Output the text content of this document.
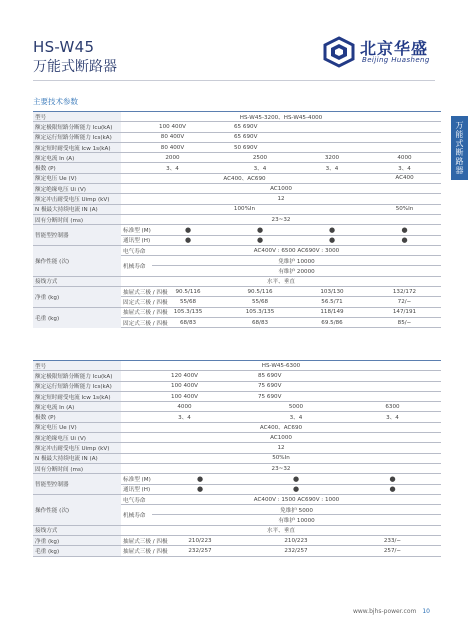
HS-W45
万能式断路器
北京华盛
Beijing Huasheng
主要技术参数
万能式断路器
型号	HS-W45-3200、HS-W45-4000				
额定极限短路分断能力 Icu(kA)	100 400V		65 690V		
额定运行短路分断能力 Ics(kA)	80 400V		65 690V		
额定短时耐受电流 Icw 1s(kA)	80 400V		50 690V		
额定电流 In (A)	2000		2500	3200	4000
极数 (P)	3、4		3、4	3、4	3、4
额定电压 Ue (V)	AC400、AC690				AC400
额定绝缘电压 Ui (V)	AC1000				
额定冲击耐受电压 Uimp (kV)	12				
N 极最大持续电流 IN (A)	100%In				50%In
固有分断时间 (ms)	23~32				
智能型控制器	标准型 (M)	●	●	●	●
	通讯型 (H)	●	●	●	●
操作性能 (次)	电气寿命	AC400V : 6500 AC690V : 3000			
	机械寿命	免维护 10000			
		有维护 20000			
接线方式	水平、垂直				
净重 (kg)	抽屉式三极 / 四极	90.5/116	90.5/116	103/130	132/172
	固定式三极 / 四极	55/68	55/68	56.5/71	72/−
毛重 (kg)	抽屉式三极 / 四极	105.3/135	105.3/135	118/149	147/191
	固定式三极 / 四极	68/83	68/83	69.5/86	85/−
型号	HS-W45-6300			
额定极限短路分断能力 Icu(kA)	120 400V		85 690V	
额定运行短路分断能力 Ics(kA)	100 400V		75 690V	
额定短时耐受电流 Icw 1s(kA)	100 400V		75 690V	
额定电流 In (A)	4000		5000	6300
极数 (P)	3、4		3、4	3、4
额定电压 Ue (V)	AC400、AC690			
额定绝缘电压 Ui (V)	AC1000			
额定冲击耐受电压 Uimp (kV)	12			
N 极最大持续电流 IN (A)	50%In			
固有分断时间 (ms)	23~32			
智能型控制器	标准型 (M)	●	●	●
	通讯型 (H)	●	●	●
操作性能 (次)	电气寿命	AC400V : 1500 AC690V : 1000		
	机械寿命	免维护 5000		
		有维护 10000		
接线方式	水平、垂直			
净重 (kg)	抽屉式三极 / 四极	210/223	210/223	233/−
毛重 (kg)	抽屉式三极 / 四极	232/257	232/257	257/−
www.bjhs-power.com 10
